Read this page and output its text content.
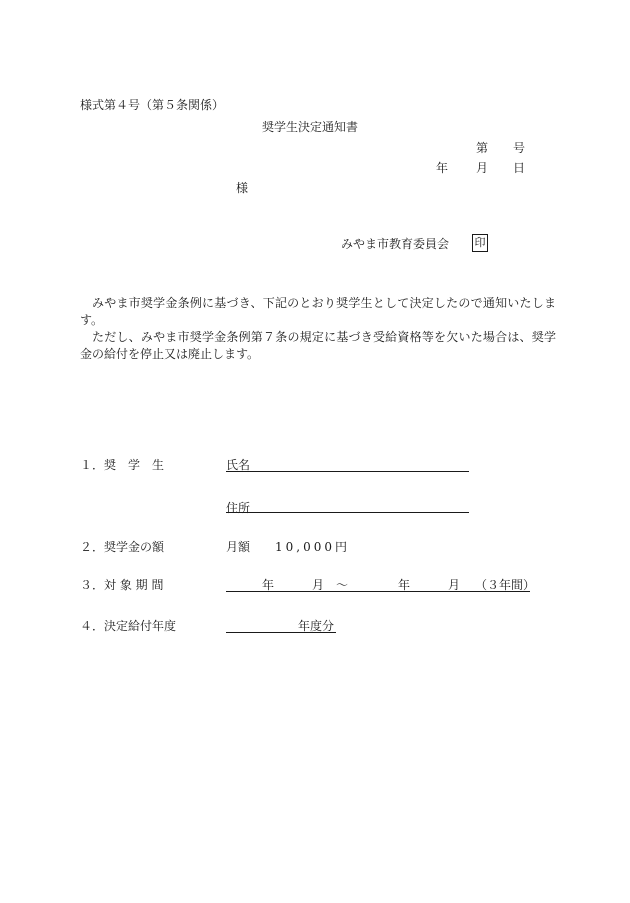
様式第４号（第５条関係）
奨学生決定通知書
第 号
年 月 日
様
みやま市教育委員会 印

みやま市奨学金条例に基づき、下記のとおり奨学生として決定したので通知いたします。

ただし、みやま市奨学金条例第７条の規定に基づき受給資格等を欠いた場合は、奨学金の給付を停止又は廃止します。

１．奨　学　生	氏名
住所
２．奨学金の額	月額 10,000円
３．対 象 期 間	年	月 ～	年	月 （３年間）
４．決定給付年度	年度分
